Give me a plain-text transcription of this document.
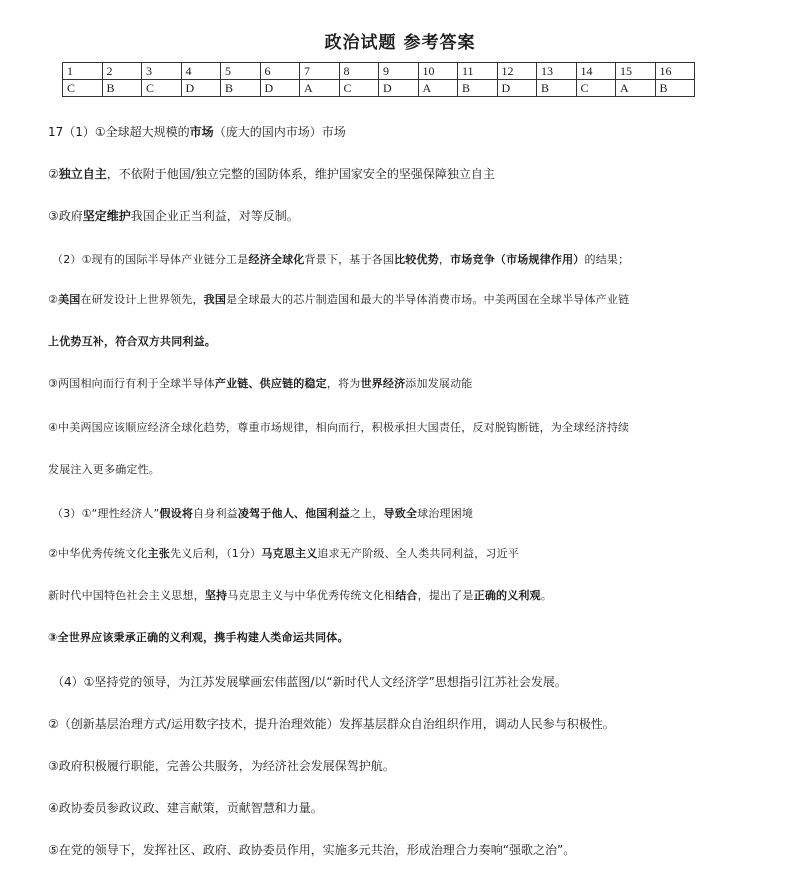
政治试题 参考答案
1	2	3	4	5	6	7	8	9	10	11	12	13	14	15	16
C	B	C	D	B	D	A	C	D	A	B	D	B	C	A	B
17（1）①全球超大规模的市场（庞大的国内市场）市场
②独立自主，不依附于他国/独立完整的国防体系，维护国家安全的坚强保障独立自主
③政府坚定维护我国企业正当利益，对等反制。
（2）①现有的国际半导体产业链分工是经济全球化背景下，基于各国比较优势，市场竞争（市场规律作用）的结果；
②美国在研发设计上世界领先，我国是全球最大的芯片制造国和最大的半导体消费市场。中美两国在全球半导体产业链
上优势互补，符合双方共同利益。
③两国相向而行有利于全球半导体产业链、供应链的稳定，将为世界经济添加发展动能
④中美两国应该顺应经济全球化趋势，尊重市场规律，相向而行，积极承担大国责任，反对脱钩断链，为全球经济持续
发展注入更多确定性。
（3）①“理性经济人”假设将自身利益凌驾于他人、他国利益之上，导致全球治理困境
②中华优秀传统文化主张先义后利，（1分）马克思主义追求无产阶级、全人类共同利益，习近平
新时代中国特色社会主义思想，坚持马克思主义与中华优秀传统文化相结合，提出了是正确的义利观。
③全世界应该秉承正确的义利观，携手构建人类命运共同体。
（4）①坚持党的领导，为江苏发展擘画宏伟蓝图/以“新时代人文经济学”思想指引江苏社会发展。
②（创新基层治理方式/运用数字技术，提升治理效能）发挥基层群众自治组织作用，调动人民参与积极性。
③政府积极履行职能，完善公共服务，为经济社会发展保驾护航。
④政协委员参政议政、建言献策，贡献智慧和力量。
⑤在党的领导下，发挥社区、政府、政协委员作用，实施多元共治，形成治理合力奏响“强歌之治”。
